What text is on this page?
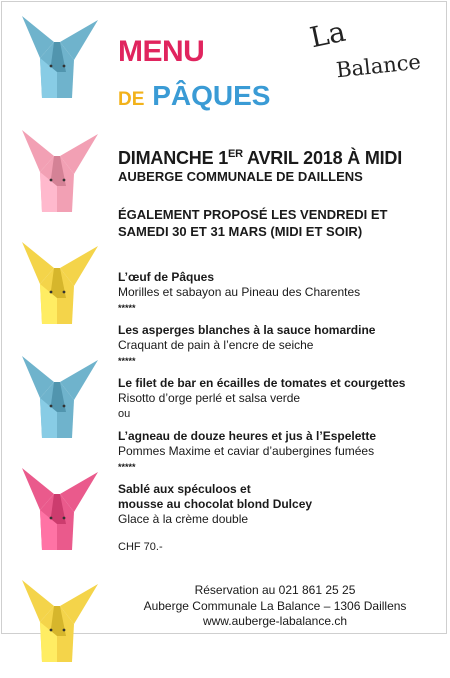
MENU
DE PÂQUES
La
Balance
DIMANCHE 1ER AVRIL 2018 À MIDI
AUBERGE COMMUNALE DE DAILLENS
ÉGALEMENT PROPOSÉ LES VENDREDI ET SAMEDI 30 ET 31 MARS (MIDI ET SOIR)
L’œuf de Pâques
Morilles et sabayon au Pineau des Charentes
*****
Les asperges blanches à la sauce homardine
Craquant de pain à l’encre de seiche
*****
Le filet de bar en écailles de tomates et courgettes
Risotto d’orge perlé et salsa verde
ou
L’agneau de douze heures et jus à l’Espelette
Pommes Maxime et caviar d’aubergines fumées
*****
Sablé aux spéculoos et
mousse au chocolat blond Dulcey
Glace à la crème double
CHF 70.-
Réservation au 021 861 25 25
Auberge Communale La Balance – 1306 Daillens
www.auberge-labalance.ch
